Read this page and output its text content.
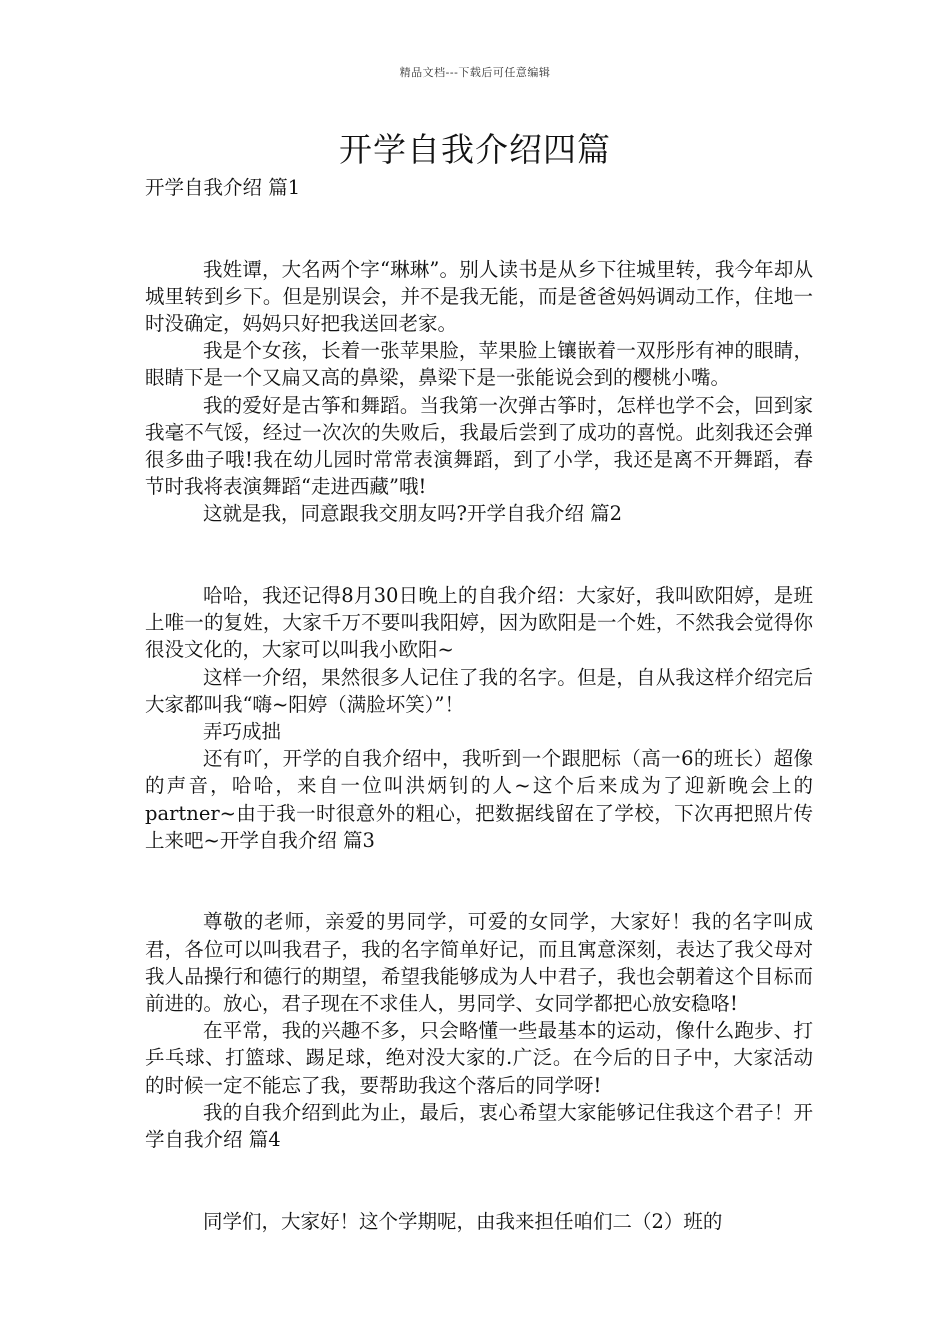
精品文档---下载后可任意编辑
开学自我介绍四篇
开学自我介绍 篇1

我姓谭，大名两个字“琳琳”。别人读书是从乡下往城里转，我今年却从城里转到乡下。但是别误会，并不是我无能，而是爸爸妈妈调动工作，住地一时没确定，妈妈只好把我送回老家。

我是个女孩，长着一张苹果脸，苹果脸上镶嵌着一双彤彤有神的眼睛，眼睛下是一个又扁又高的鼻梁，鼻梁下是一张能说会到的樱桃小嘴。

我的爱好是古筝和舞蹈。当我第一次弹古筝时，怎样也学不会，回到家我毫不气馁，经过一次次的失败后，我最后尝到了成功的喜悦。此刻我还会弹很多曲子哦!我在幼儿园时常常表演舞蹈，到了小学，我还是离不开舞蹈，春节时我将表演舞蹈“走进西藏”哦!

这就是我，同意跟我交朋友吗?开学自我介绍 篇2

哈哈，我还记得8月30日晚上的自我介绍：大家好，我叫欧阳婷，是班上唯一的复姓，大家千万不要叫我阳婷，因为欧阳是一个姓，不然我会觉得你很没文化的，大家可以叫我小欧阳~

这样一介绍，果然很多人记住了我的名字。但是，自从我这样介绍完后大家都叫我“嗨~阳婷（满脸坏笑）”！

弄巧成拙

还有吖，开学的自我介绍中，我听到一个跟肥标（高一6的班长）超像的声音，哈哈，来自一位叫洪炳钊的人~这个后来成为了迎新晚会上的partner~由于我一时很意外的粗心，把数据线留在了学校，下次再把照片传上来吧~开学自我介绍 篇3

尊敬的老师，亲爱的男同学，可爱的女同学，大家好！我的名字叫成君，各位可以叫我君子，我的名字简单好记，而且寓意深刻，表达了我父母对我人品操行和德行的期望，希望我能够成为人中君子，我也会朝着这个目标而前进的。放心，君子现在不求佳人，男同学、女同学都把心放安稳咯!

在平常，我的兴趣不多，只会略懂一些最基本的运动，像什么跑步、打乒乓球、打篮球、踢足球，绝对没大家的.广泛。在今后的日子中，大家活动的时候一定不能忘了我，要帮助我这个落后的同学呀!

我的自我介绍到此为止，最后，衷心希望大家能够记住我这个君子！开学自我介绍 篇4

同学们，大家好！这个学期呢，由我来担任咱们二（2）班的
